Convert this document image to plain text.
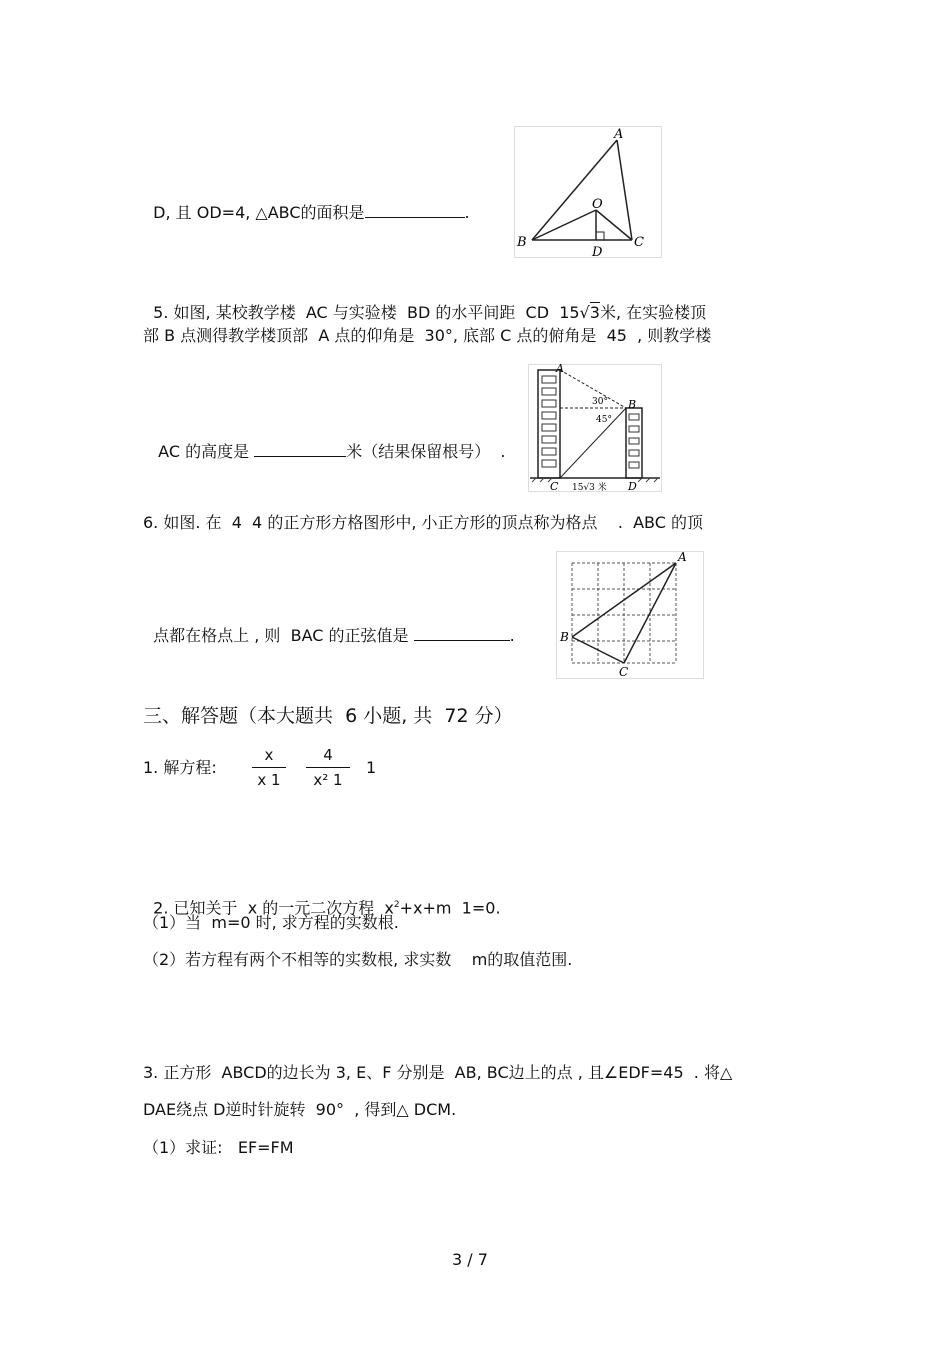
D, 且 OD=4, △ABC的面积是	.

A
O
B	C
D

5. 如图, 某校教学楼  AC 与实验楼  BD 的水平间距  CD 15√3米, 在实验楼顶

部 B 点测得教学楼顶部  A 点的仰角是  30°, 底部 C 点的俯角是  45  , 则教学楼

AC 的高度是	米（结果保留根号）  .

A
B
C	D
30°
45°
15√3 米
6. 如图. 在  4  4 的正方形方格图形中, 小正方形的顶点称为格点    .  ABC 的顶

点都在格点上 , 则  BAC 的正弦值是	.

A
B
C
三、解答题（本大题共  6 小题, 共  72 分）
1. 解方程:
x
x 1
4
x² 1
1

2. 已知关于  x 的一元二次方程  $x^2+x+m$  1=0.

（1）当  m=0 时, 求方程的实数根.
（2）若方程有两个不相等的实数根, 求实数    m的取值范围.
3. 正方形  ABCD的边长为 3, E、F 分别是  AB, BC边上的点 , 且∠EDF=45  . 将△
DAE绕点 D逆时针旋转  90°  , 得到△ DCM.
（1）求证:   EF=FM
3 / 7
